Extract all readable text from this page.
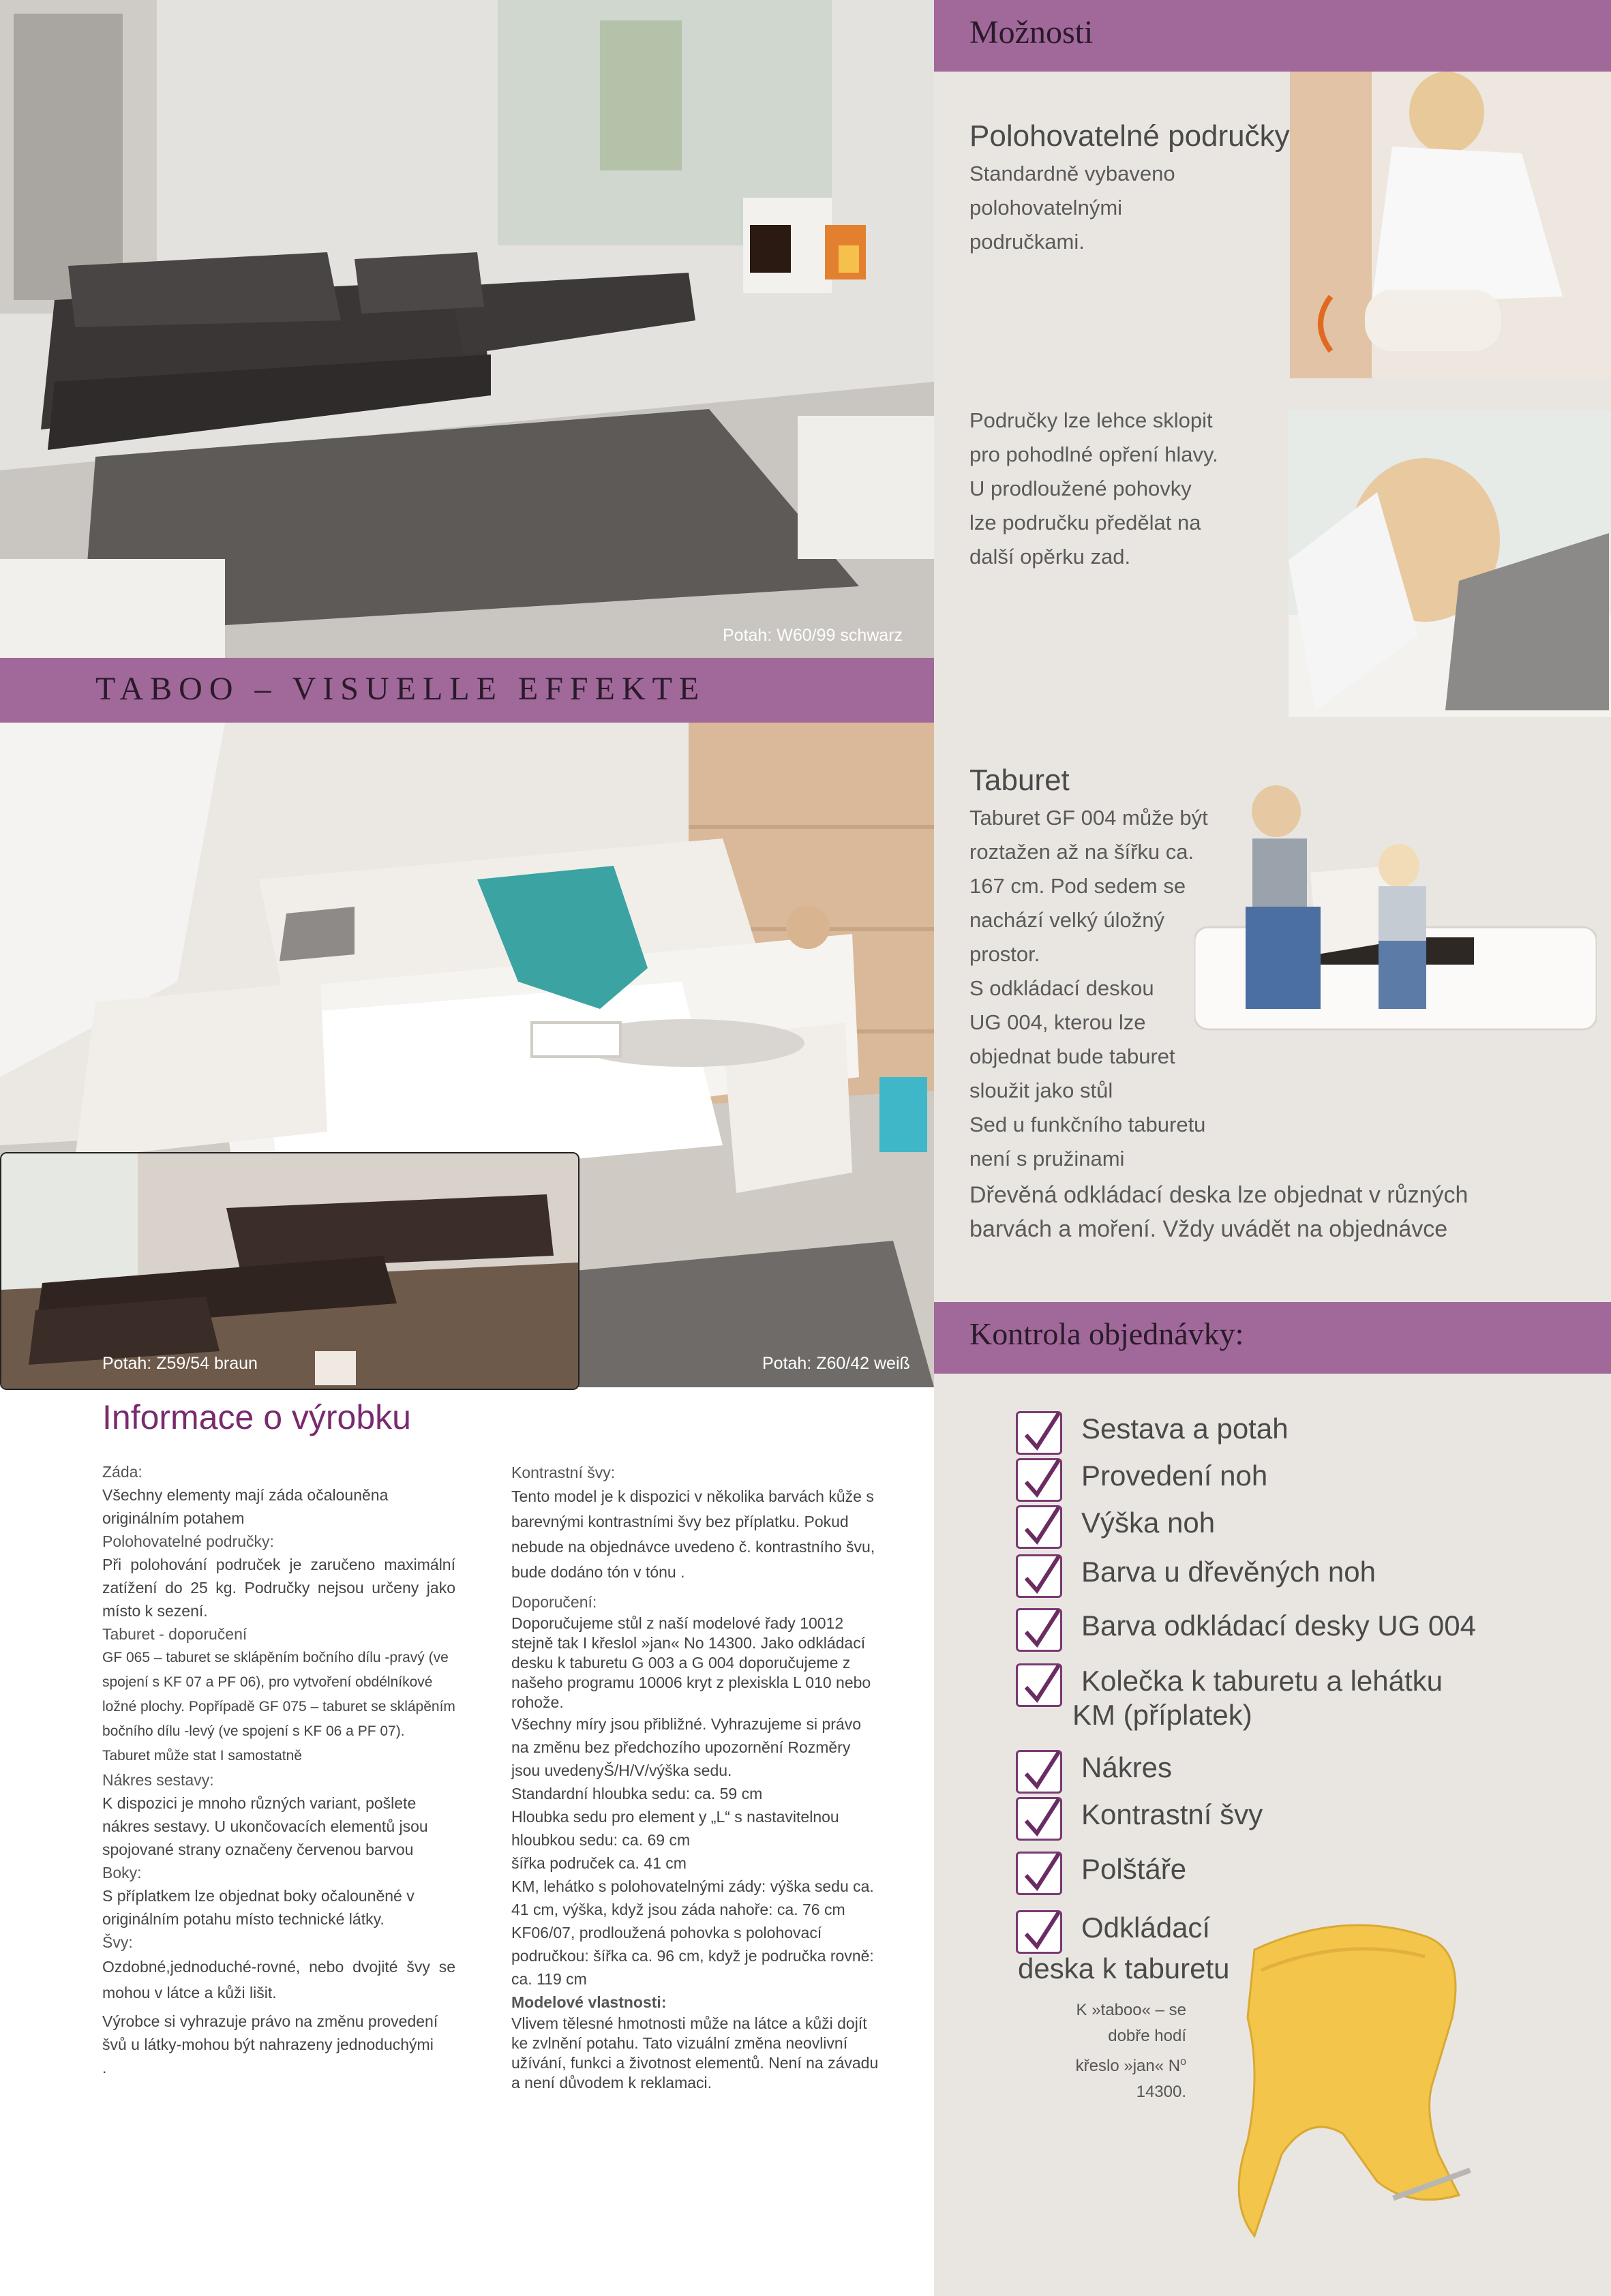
Potah: W60/99 schwarz
TABOO – VISUELLE EFFEKTE
Potah: Z59/54 braun	Potah: Z60/42 weiß
Možnosti
Polohovatelné područky
Standardně vybaveno
polohovatelnými
područkami.
Područky lze lehce sklopit
pro pohodlné opření hlavy.
U prodloužené pohovky
lze područku předělat na
další opěrku zad.
Taburet
Taburet GF 004 může být
roztažen až na šířku ca.
167 cm. Pod sedem se
nachází velký úložný
prostor.
S odkládací deskou
UG 004, kterou lze
objednat bude taburet
sloužit jako stůl
Sed u funkčního taburetu
není s pružinami
Dřevěná odkládací deska lze objednat v různých
barvách a moření. Vždy uvádět na objednávce
Kontrola objednávky:
Sestava a potah
Provedení noh
Výška noh
Barva u dřevěných noh
Barva odkládací desky UG 004
Kolečka k taburetu a lehátku
KM (příplatek)
Nákres
Kontrastní švy
Polštáře
Odkládací
deska k taburetu
K »taboo« – se
dobře hodí
křeslo »jan« $N^o$
14300.
Informace o výrobku

Záda:

Všechny elementy mají záda očalouněna originálním potahem

Polohovatelné područky:

Při polohování područek je zaručeno maximální zatížení do 25 kg. Područky nejsou určeny jako místo k sezení.

Taburet - doporučení

GF 065 – taburet se sklápěním bočního dílu -pravý (ve spojení s KF 07 a PF 06), pro vytvoření obdélníkové ložné plochy. Popřípadě GF 075 – taburet se sklápěním bočního dílu -levý (ve spojení s KF 06 a PF 07). Taburet může stat I samostatně

Nákres sestavy:

K dispozici je mnoho různých variant, pošlete nákres sestavy. U ukončovacích elementů jsou spojované strany označeny červenou barvou

Boky:

S příplatkem lze objednat boky očalouněné v originálním potahu místo technické látky.

Švy:

Ozdobné,jednoduché-rovné, nebo dvojité švy se mohou v látce a kůži lišit.

Výrobce si vyhrazuje právo na změnu provedení švů u látky-mohou být nahrazeny jednoduchými

.

Kontrastní švy:

Tento model je k dispozici v několika barvách kůže s barevnými kontrastními švy bez příplatku. Pokud nebude na objednávce uvedeno č. kontrastního švu, bude dodáno tón v tónu .

Doporučení:

Doporučujeme stůl z naší modelové řady 10012 stejně tak I křeslol »jan« No 14300. Jako odkládací desku k taburetu G 003 a G 004 doporučujeme z našeho programu 10006 kryt z plexiskla L 010 nebo rohože.

Všechny míry jsou přibližné. Vyhrazujeme si právo na změnu bez předchozího upozornění Rozměry jsou uvedenyŠ/H/V/výška sedu.

Standardní hloubka sedu: ca. 59 cm

Hloubka sedu pro element y „L“ s nastavitelnou hloubkou sedu: ca. 69 cm

šířka područek ca. 41 cm

KM, lehátko s polohovatelnými zády: výška sedu ca. 41 cm, výška, když jsou záda nahoře: ca. 76 cm

KF06/07, prodloužená pohovka s polohovací područkou: šířka ca. 96 cm, když je područka rovně: ca. 119 cm

Modelové vlastnosti:

Vlivem tělesné hmotnosti může na látce a kůži dojít ke zvlnění potahu. Tato vizuální změna neovlivní užívání, funkci a životnost elementů. Není na závadu a není důvodem k reklamaci.
